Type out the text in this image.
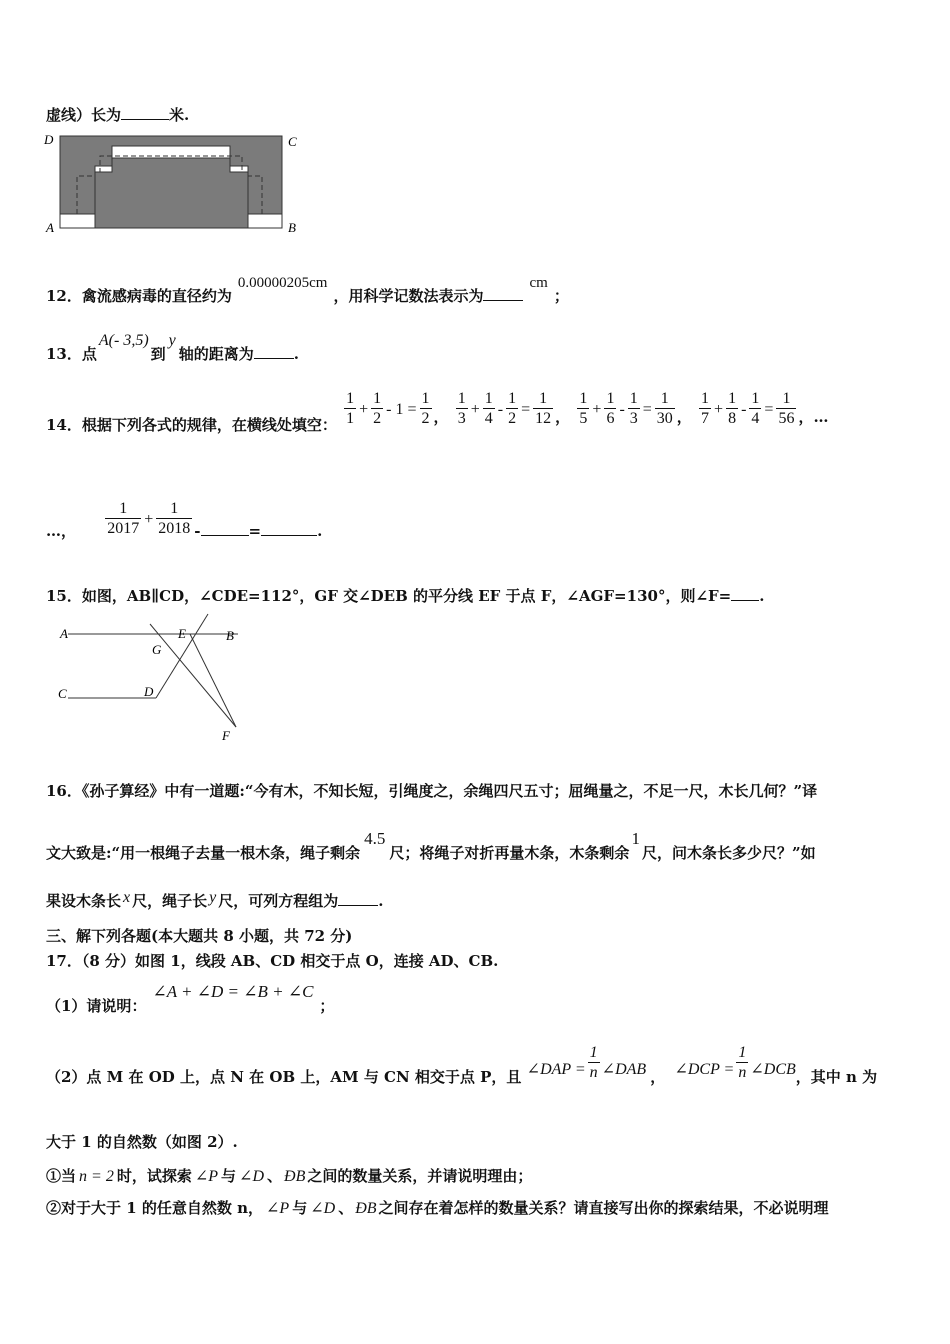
虚线）长为	米.
D	C
A	B
12．禽流感病毒的直径约为0.00000205cm，用科学记数法表示为cm；
13．点A(- 3,5)到y轴的距离为	.
14．根据下列各式的规律，在横线处填空： $\frac{1}{1} + \frac{1}{2} - 1 = \frac{1}{2}$ ， $\frac{1}{3} + \frac{1}{4} - \frac{1}{2} = \frac{1}{12}$ ， $\frac{1}{5} + \frac{1}{6} - \frac{1}{3} = \frac{1}{30}$ ， $\frac{1}{7} + \frac{1}{8} - \frac{1}{4} = \frac{1}{56}$ ，…
…， $\frac{1}{2017} + \frac{1}{2018}$ -	=	.
15．如图，AB∥CD，∠CDE=112°，GF 交∠DEB 的平分线 EF 于点 F，∠AGF=130°，则∠F= .
A	B
C	D
E
G
F
16．《孙子算经》中有一道题:“今有木，不知长短，引绳度之，余绳四尺五寸；屈绳量之，不足一尺，木长几何？”译
文大致是:“用一根绳子去量一根木条，绳子剩余4.5尺；将绳子对折再量木条，木条剩余1尺，问木条长多少尺？”如
果设木条长 x 尺，绳子长 y 尺，可列方程组为	.
三、解下列各题(本大题共 8 小题，共 72 分)
17．（8 分）如图 1，线段 AB、CD 相交于点 O，连接 AD、CB.
（1）请说明：∠A + ∠D = ∠B + ∠C；
（2）点 M 在 OD 上，点 N 在 OB 上，AM 与 CN 相交于点 P，且 ∠DAP = $\frac{1}{n}$ ∠DAB ， ∠DCP = $\frac{1}{n}$ ∠DCB，其中 n 为
大于 1 的自然数（如图 2）.
①当 n = 2 时，试探索 ∠P 与 ∠D 、 ÐB 之间的数量关系，并请说明理由；
②对于大于 1 的任意自然数 n， ∠P 与 ∠D 、 ÐB 之间存在着怎样的数量关系？请直接写出你的探索结果，不必说明理
